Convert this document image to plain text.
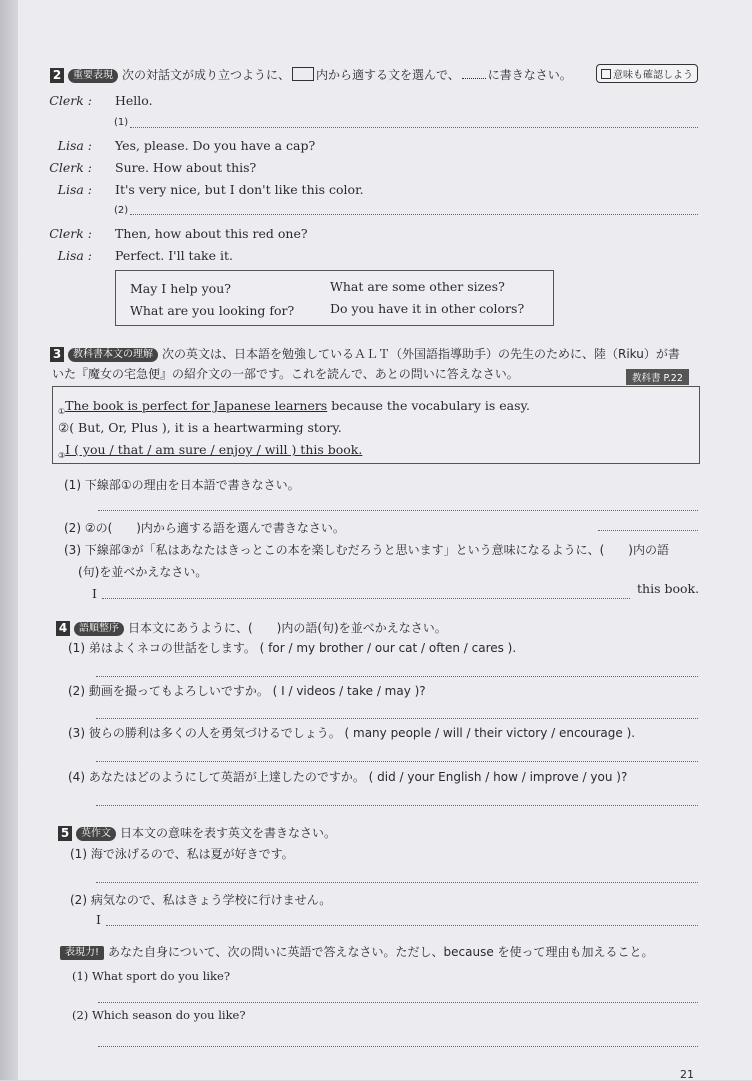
2 重要表現 次の対話文が成り立つように、 内から適する文を選んで、 に書きなさい。	意味も確認しよう
Clerk : Hello.
(1)
Lisa : Yes, please. Do you have a cap?
Clerk : Sure. How about this?
Lisa : It's very nice, but I don't like this color.
(2)
Clerk : Then, how about this red one?
Lisa : Perfect. I'll take it.
May I help you?	What are some other sizes?
What are you looking for?	Do you have it in other colors?
3 教科書本文の理解 次の英文は、日本語を勉強しているＡＬＴ（外国語指導助手）の先生のために、陸（Riku）が書
いた『魔女の宅急便』の紹介文の一部です。これを読んで、あとの問いに答えなさい。	教科書 P.22
$_①$The book is perfect for Japanese learners because the vocabulary is easy.
②( But, Or, Plus ), it is a heartwarming story.
$_③$I ( you / that / am sure / enjoy / will ) this book.
(1) 下線部①の理由を日本語で書きなさい。
(2) ②の(　　)内から適する語を選んで書きなさい。
(3) 下線部③が「私はあなたはきっとこの本を楽しむだろうと思います」という意味になるように、(　　)内の語
(句)を並べかえなさい。
I	this book.
4 語順整序 日本文にあうように、(　　)内の語(句)を並べかえなさい。
(1) 弟はよくネコの世話をします。 ( for / my brother / our cat / often / cares ).
(2) 動画を撮ってもよろしいですか。 ( I / videos / take / may )?
(3) 彼らの勝利は多くの人を勇気づけるでしょう。 ( many people / will / their victory / encourage ).
(4) あなたはどのようにして英語が上達したのですか。 ( did / your English / how / improve / you )?
5 英作文 日本文の意味を表す英文を書きなさい。
(1) 海で泳げるので、私は夏が好きです。
(2) 病気なので、私はきょう学校に行けません。
I
表現力! あなた自身について、次の問いに英語で答えなさい。ただし、because を使って理由も加えること。
(1) What sport do you like?
(2) Which season do you like?
21
